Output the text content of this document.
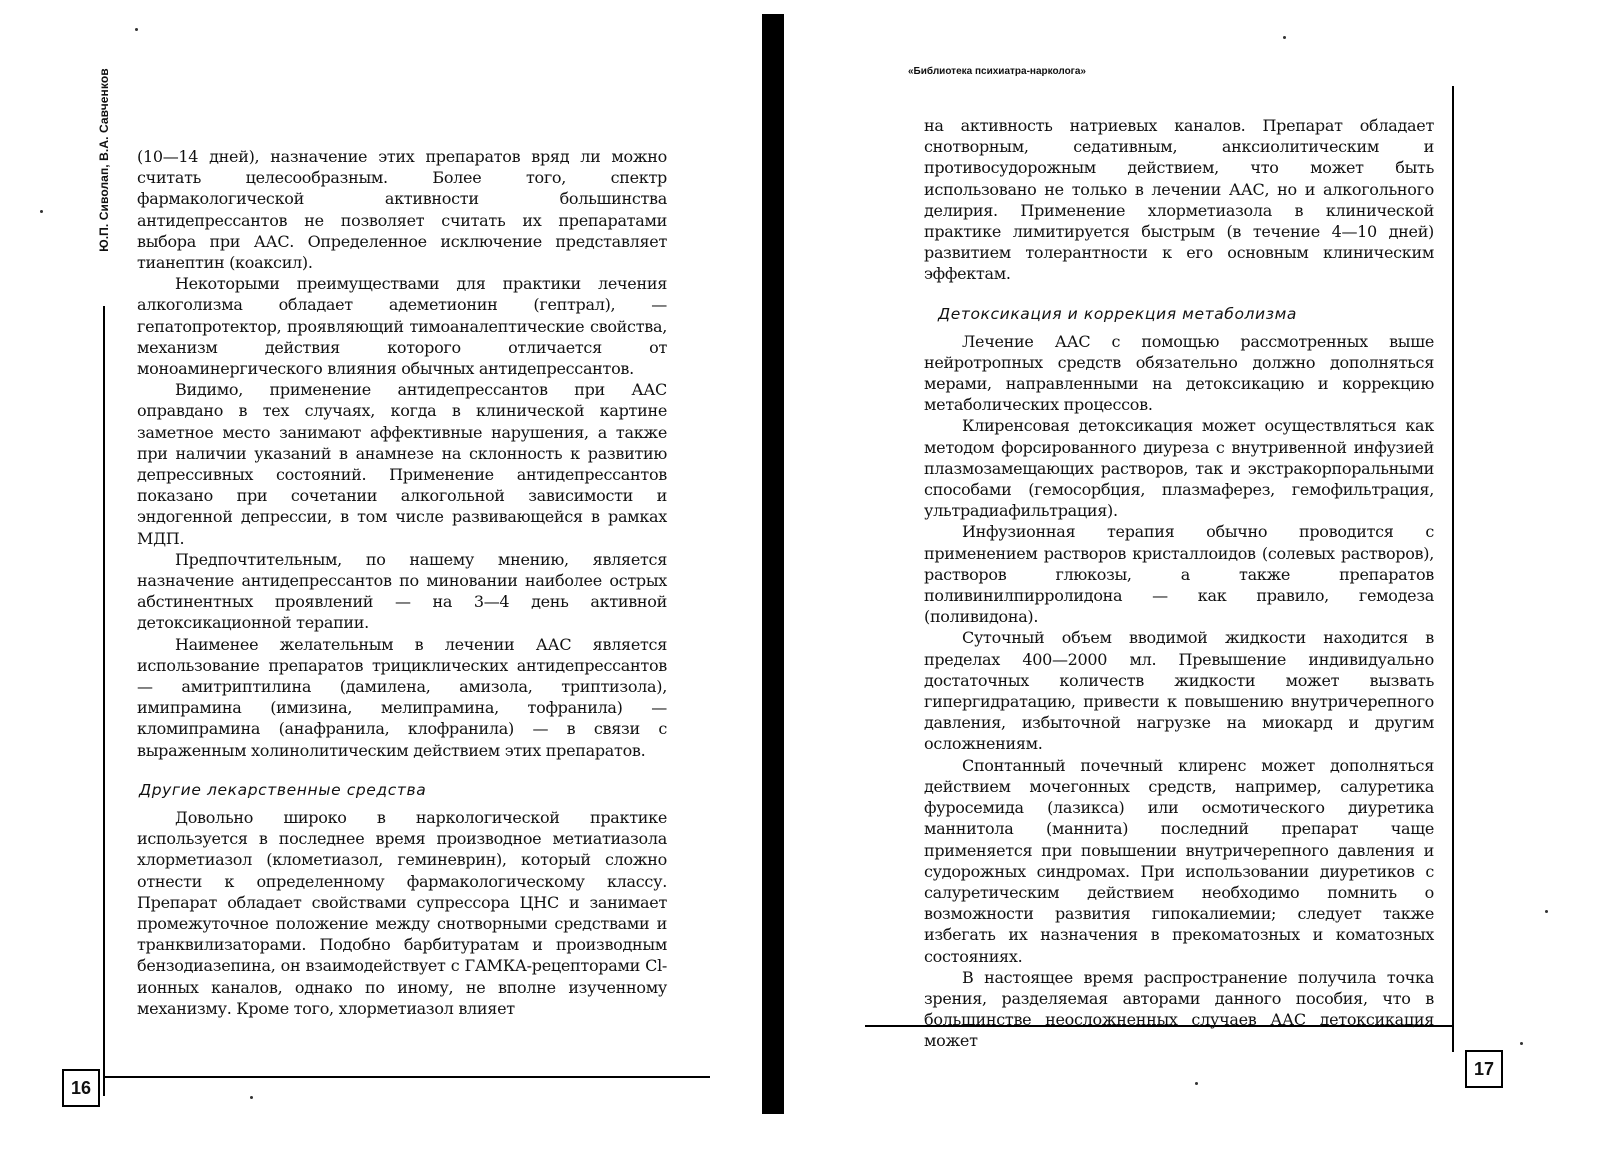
Ю.П. Сиволап, В.А. Савченков
16

(10—14 дней), назначение этих препаратов вряд ли можно считать целесообразным. Более того, спектр фармакологической активности большинства антидепрессантов не позволяет считать их препаратами выбора при ААС. Определенное исключение представляет тианептин (коаксил).

Некоторыми преимуществами для практики лечения алкоголизма обладает адеметионин (гептрал), — гепатопротектор, проявляющий тимоаналептические свойства, механизм действия которого отличается от моноаминергического влияния обычных антидепрессантов.

Видимо, применение антидепрессантов при ААС оправдано в тех случаях, когда в клинической картине заметное место занимают аффективные нарушения, а также при наличии указаний в анамнезе на склонность к развитию депрессивных состояний. Применение антидепрессантов показано при сочетании алкогольной зависимости и эндогенной депрессии, в том числе развивающейся в рамках МДП.

Предпочтительным, по нашему мнению, является назначение антидепрессантов по миновании наиболее острых абстинентных проявлений — на 3—4 день активной детоксикационной терапии.

Наименее желательным в лечении ААС является использование препаратов трициклических антидепрессантов — амитриптилина (дамилена, амизола, триптизола), имипрамина (имизина, мелипрамина, тофранила) — кломипрамина (анафранила, клофранила) — в связи с выраженным холинолитическим действием этих препаратов.

Другие лекарственные средства

Довольно широко в наркологической практике используется в последнее время производное метиатиазола хлорметиазол (клометиазол, геминеврин), который сложно отнести к определенному фармакологическому классу. Препарат обладает свойствами супрессора ЦНС и занимает промежуточное положение между снотворными средствами и транквилизаторами. Подобно барбитуратам и производным бензодиазепина, он взаимодействует с ГАМКА-рецепторами Cl-ионных каналов, однако по иному, не вполне изученному механизму. Кроме того, хлорметиазол влияет

«Библиотека психиатра-нарколога»
17

на активность натриевых каналов. Препарат обладает снотворным, седативным, анксиолитическим и противосудорожным действием, что может быть использовано не только в лечении ААС, но и алкогольного делирия. Применение хлорметиазола в клинической практике лимитируется быстрым (в течение 4—10 дней) развитием толерантности к его основным клиническим эффектам.

Детоксикация и коррекция метаболизма

Лечение ААС с помощью рассмотренных выше нейротропных средств обязательно должно дополняться мерами, направленными на детоксикацию и коррекцию метаболических процессов.

Клиренсовая детоксикация может осуществляться как методом форсированного диуреза с внутривенной инфузией плазмозамещающих растворов, так и экстракорпоральными способами (гемосорбция, плазмаферез, гемофильтрация, ультрадиафильтрация).

Инфузионная терапия обычно проводится с применением растворов кристаллоидов (солевых растворов), растворов глюкозы, а также препаратов поливинилпирролидона — как правило, гемодеза (поливидона).

Суточный объем вводимой жидкости находится в пределах 400—2000 мл. Превышение индивидуально достаточных количеств жидкости может вызвать гипергидратацию, привести к повышению внутричерепного давления, избыточной нагрузке на миокард и другим осложнениям.

Спонтанный почечный клиренс может дополняться действием мочегонных средств, например, салуретика фуросемида (лазикса) или осмотического диуретика маннитола (маннита) последний препарат чаще применяется при повышении внутричерепного давления и судорожных синдромах. При использовании диуретиков с салуретическим действием необходимо помнить о возможности развития гипокалиемии; следует также избегать их назначения в прекоматозных и коматозных состояниях.

В настоящее время распространение получила точка зрения, разделяемая авторами данного пособия, что в большинстве неосложненных случаев ААС детоксикация может
